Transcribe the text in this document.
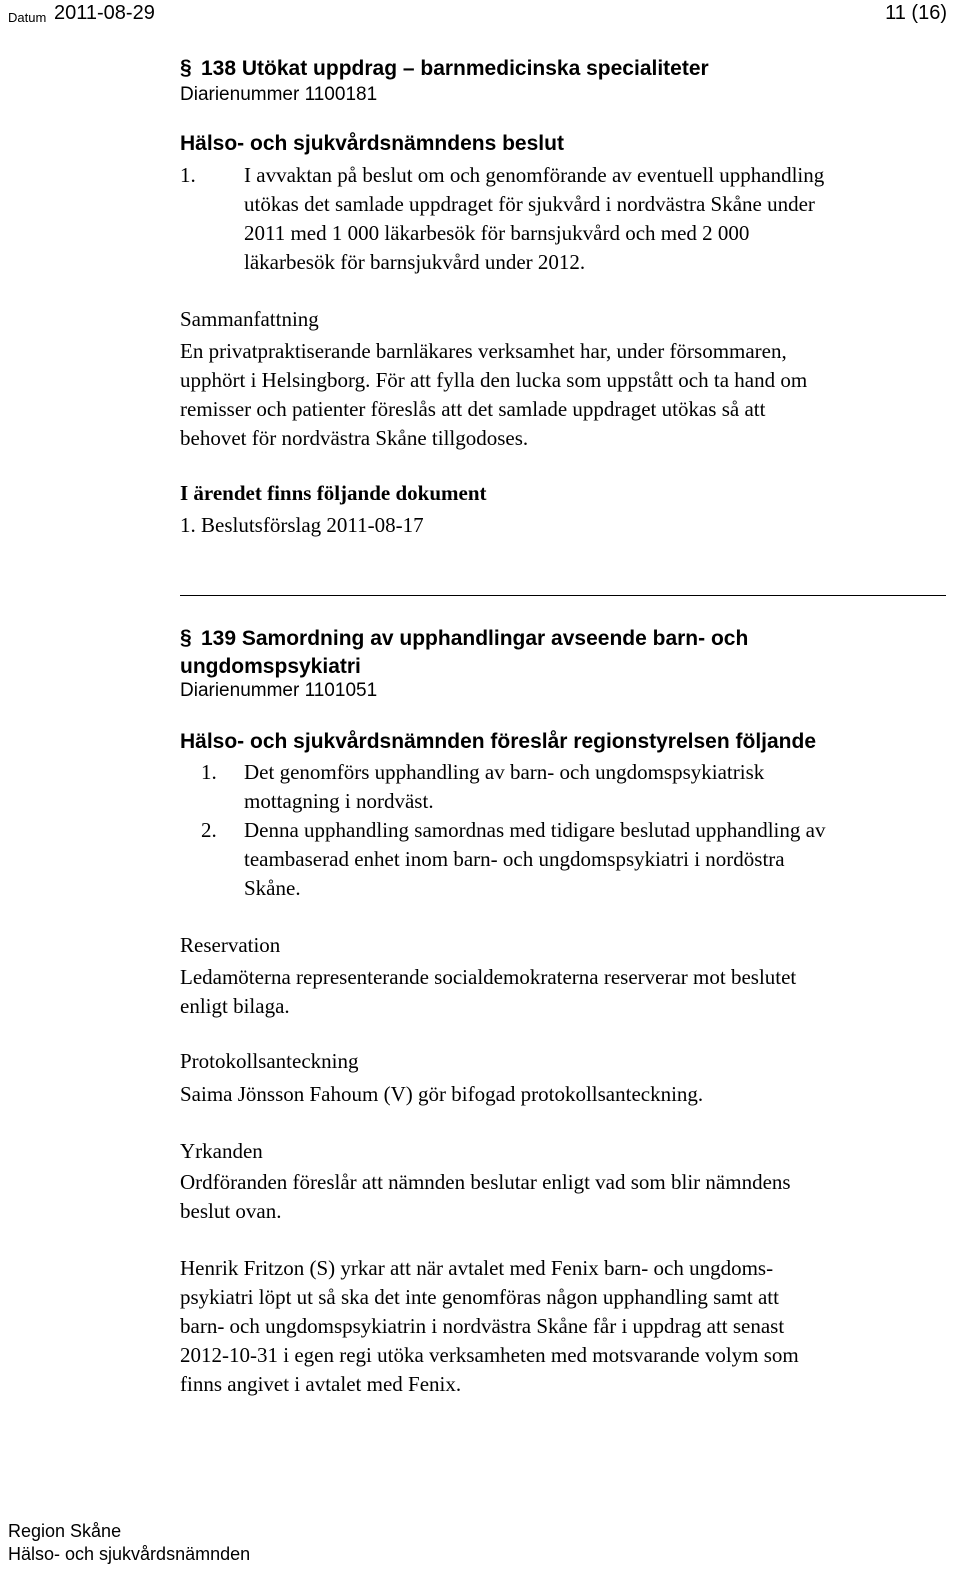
Datum 2011-08-29	11 (16)
§ 138 Utökat uppdrag – barnmedicinska specialiteter
Diarienummer 1100181
Hälso- och sjukvårdsnämndens beslut
1. I avvaktan på beslut om och genomförande av eventuell upphandling
utökas det samlade uppdraget för sjukvård i nordvästra Skåne under
2011 med 1 000 läkarbesök för barnsjukvård och med 2 000
läkarbesök för barnsjukvård under 2012.
Sammanfattning
En privatpraktiserande barnläkares verksamhet har, under försommaren,
upphört i Helsingborg. För att fylla den lucka som uppstått och ta hand om
remisser och patienter föreslås att det samlade uppdraget utökas så att
behovet för nordvästra Skåne tillgodoses.
I ärendet finns följande dokument
1. Beslutsförslag 2011-08-17
§ 139 Samordning av upphandlingar avseende barn- och
ungdomspsykiatri
Diarienummer 1101051
Hälso- och sjukvårdsnämnden föreslår regionstyrelsen följande
1. Det genomförs upphandling av barn- och ungdomspsykiatrisk
mottagning i nordväst.
2. Denna upphandling samordnas med tidigare beslutad upphandling av
teambaserad enhet inom barn- och ungdomspsykiatri i nordöstra
Skåne.
Reservation
Ledamöterna representerande socialdemokraterna reserverar mot beslutet
enligt bilaga.
Protokollsanteckning
Saima Jönsson Fahoum (V) gör bifogad protokollsanteckning.
Yrkanden
Ordföranden föreslår att nämnden beslutar enligt vad som blir nämndens
beslut ovan.
Henrik Fritzon (S) yrkar att när avtalet med Fenix barn- och ungdoms-
psykiatri löpt ut så ska det inte genomföras någon upphandling samt att
barn- och ungdomspsykiatrin i nordvästra Skåne får i uppdrag att senast
2012-10-31 i egen regi utöka verksamheten med motsvarande volym som
finns angivet i avtalet med Fenix.
Region Skåne
Hälso- och sjukvårdsnämnden
